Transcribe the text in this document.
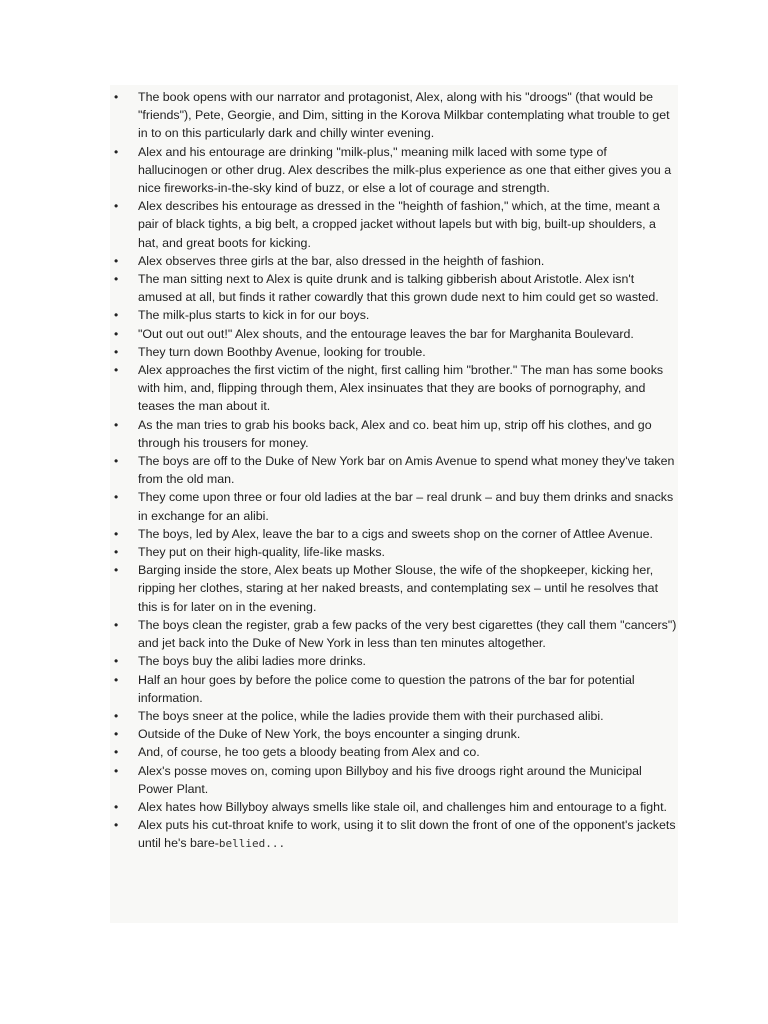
• The book opens with our narrator and protagonist, Alex, along with his "droogs" (that would be "friends"), Pete, Georgie, and Dim, sitting in the Korova Milkbar contemplating what trouble to get in to on this particularly dark and chilly winter evening.
• Alex and his entourage are drinking "milk-plus," meaning milk laced with some type of hallucinogen or other drug. Alex describes the milk-plus experience as one that either gives you a nice fireworks-in-the-sky kind of buzz, or else a lot of courage and strength.
• Alex describes his entourage as dressed in the "heighth of fashion," which, at the time, meant a pair of black tights, a big belt, a cropped jacket without lapels but with big, built-up shoulders, a hat, and great boots for kicking.
• Alex observes three girls at the bar, also dressed in the heighth of fashion.
• The man sitting next to Alex is quite drunk and is talking gibberish about Aristotle. Alex isn't amused at all, but finds it rather cowardly that this grown dude next to him could get so wasted.
• The milk-plus starts to kick in for our boys.
• "Out out out out!" Alex shouts, and the entourage leaves the bar for Marghanita Boulevard.
• They turn down Boothby Avenue, looking for trouble.
• Alex approaches the first victim of the night, first calling him "brother." The man has some books with him, and, flipping through them, Alex insinuates that they are books of pornography, and teases the man about it.
• As the man tries to grab his books back, Alex and co. beat him up, strip off his clothes, and go through his trousers for money.
• The boys are off to the Duke of New York bar on Amis Avenue to spend what money they've taken from the old man.
• They come upon three or four old ladies at the bar – real drunk – and buy them drinks and snacks in exchange for an alibi.
• The boys, led by Alex, leave the bar to a cigs and sweets shop on the corner of Attlee Avenue.
• They put on their high-quality, life-like masks.
• Barging inside the store, Alex beats up Mother Slouse, the wife of the shopkeeper, kicking her, ripping her clothes, staring at her naked breasts, and contemplating sex – until he resolves that this is for later on in the evening.
• The boys clean the register, grab a few packs of the very best cigarettes (they call them "cancers") and jet back into the Duke of New York in less than ten minutes altogether.
• The boys buy the alibi ladies more drinks.
• Half an hour goes by before the police come to question the patrons of the bar for potential information.
• The boys sneer at the police, while the ladies provide them with their purchased alibi.
• Outside of the Duke of New York, the boys encounter a singing drunk.
• And, of course, he too gets a bloody beating from Alex and co.
• Alex's posse moves on, coming upon Billyboy and his five droogs right around the Municipal Power Plant.
• Alex hates how Billyboy always smells like stale oil, and challenges him and entourage to a fight.
• Alex puts his cut-throat knife to work, using it to slit down the front of one of the opponent's jackets until he's bare-bellied...
